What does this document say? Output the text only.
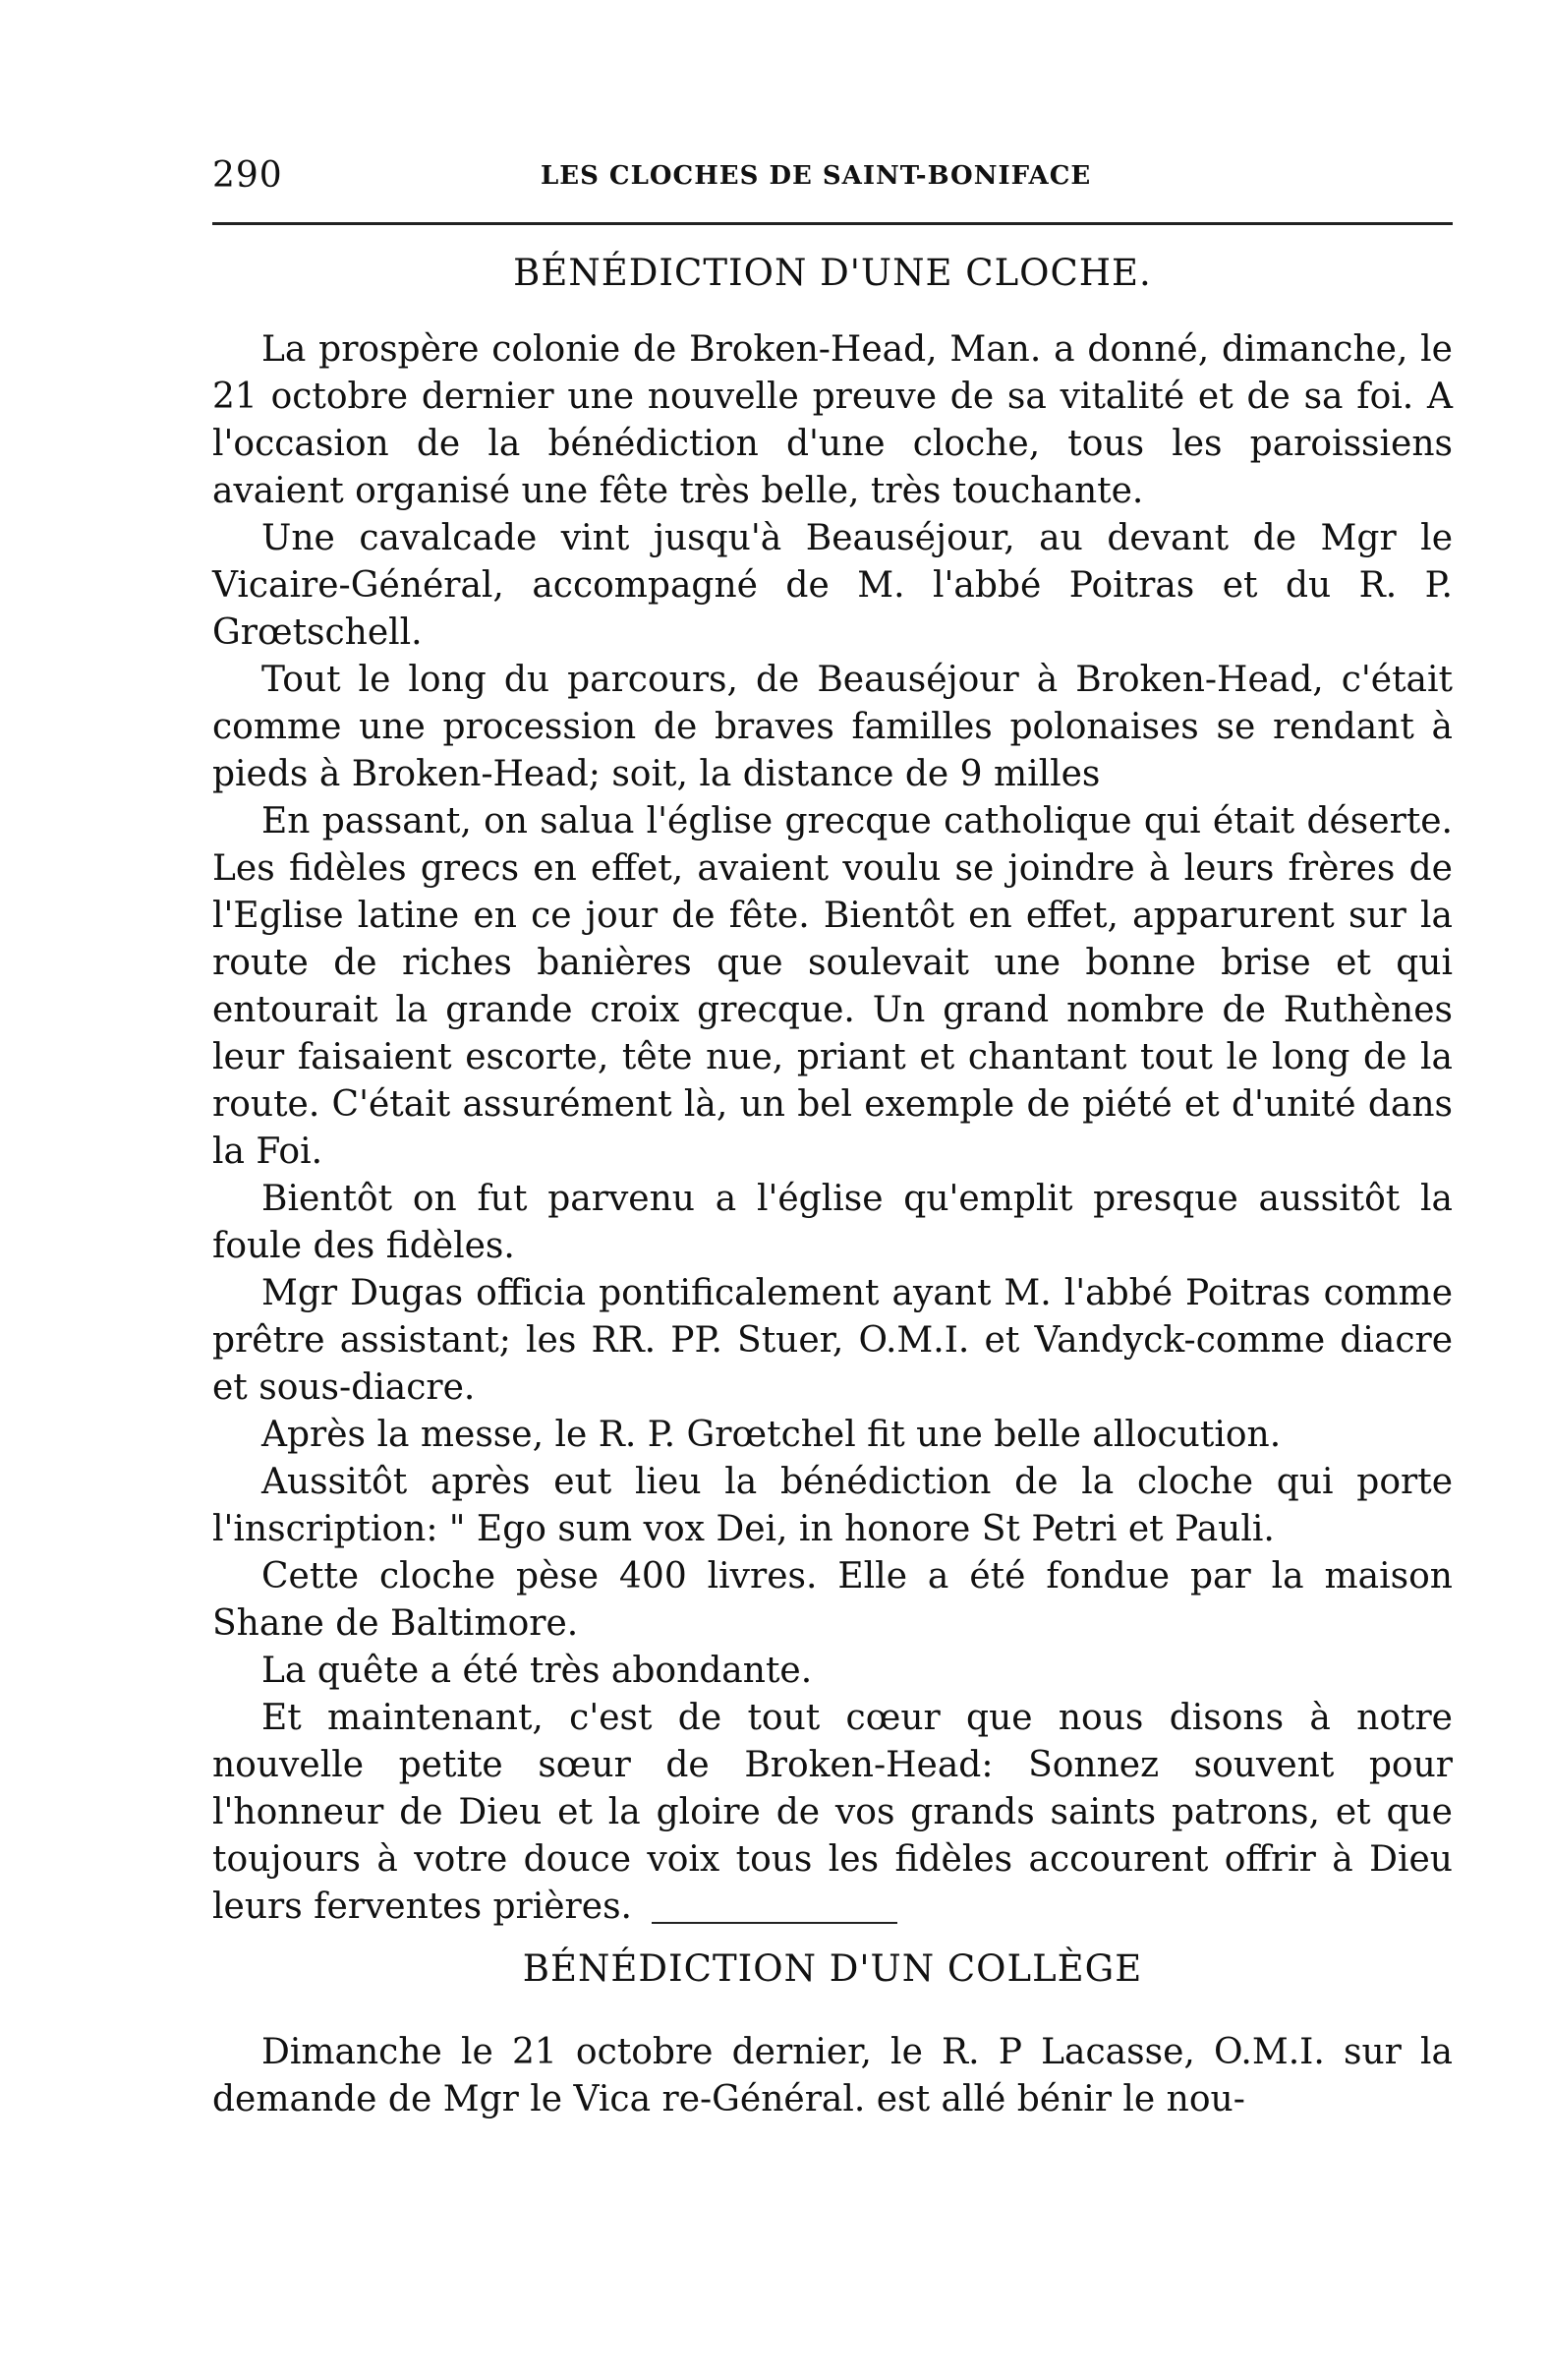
290	LES CLOCHES DE SAINT-BONIFACE
BÉNÉDICTION D'UNE CLOCHE.

La prospère colonie de Broken-Head, Man. a donné, dimanche, le 21 octobre dernier une nouvelle preuve de sa vitalité et de sa foi. A l'occasion de la bénédiction d'une cloche, tous les paroissiens avaient organisé une fête très belle, très touchante.

Une cavalcade vint jusqu'à Beauséjour, au devant de Mgr le Vicaire-Général, accompagné de M. l'abbé Poitras et du R. P. Grœtschell.

Tout le long du parcours, de Beauséjour à Broken-Head, c'était comme une procession de braves familles polonaises se rendant à pieds à Broken-Head; soit, la distance de 9 milles

En passant, on salua l'église grecque catholique qui était déserte. Les fidèles grecs en effet, avaient voulu se joindre à leurs frères de l'Eglise latine en ce jour de fête. Bientôt en effet, apparurent sur la route de riches banières que soulevait une bonne brise et qui entourait la grande croix grecque. Un grand nombre de Ruthènes leur faisaient escorte, tête nue, priant et chantant tout le long de la route. C'était assurément là, un bel exemple de piété et d'unité dans la Foi.

Bientôt on fut parvenu a l'église qu'emplit presque aussitôt la foule des fidèles.

Mgr Dugas officia pontificalement ayant M. l'abbé Poitras comme prêtre assistant; les RR. PP. Stuer, O.M.I. et Vandyck-comme diacre et sous-diacre.

Après la messe, le R. P. Grœtchel fit une belle allocution.

Aussitôt après eut lieu la bénédiction de la cloche qui porte l'inscription: " Ego sum vox Dei, in honore St Petri et Pauli.

Cette cloche pèse 400 livres. Elle a été fondue par la maison Shane de Baltimore.

La quête a été très abondante.

Et maintenant, c'est de tout cœur que nous disons à notre nouvelle petite sœur de Broken-Head: Sonnez souvent pour l'honneur de Dieu et la gloire de vos grands saints patrons, et que toujours à votre douce voix tous les fidèles accourent offrir à Dieu leurs ferventes prières.

BÉNÉDICTION D'UN COLLÈGE

Dimanche le 21 octobre dernier, le R. P Lacasse, O.M.I. sur la demande de Mgr le Vica re-Général. est allé bénir le nou-
